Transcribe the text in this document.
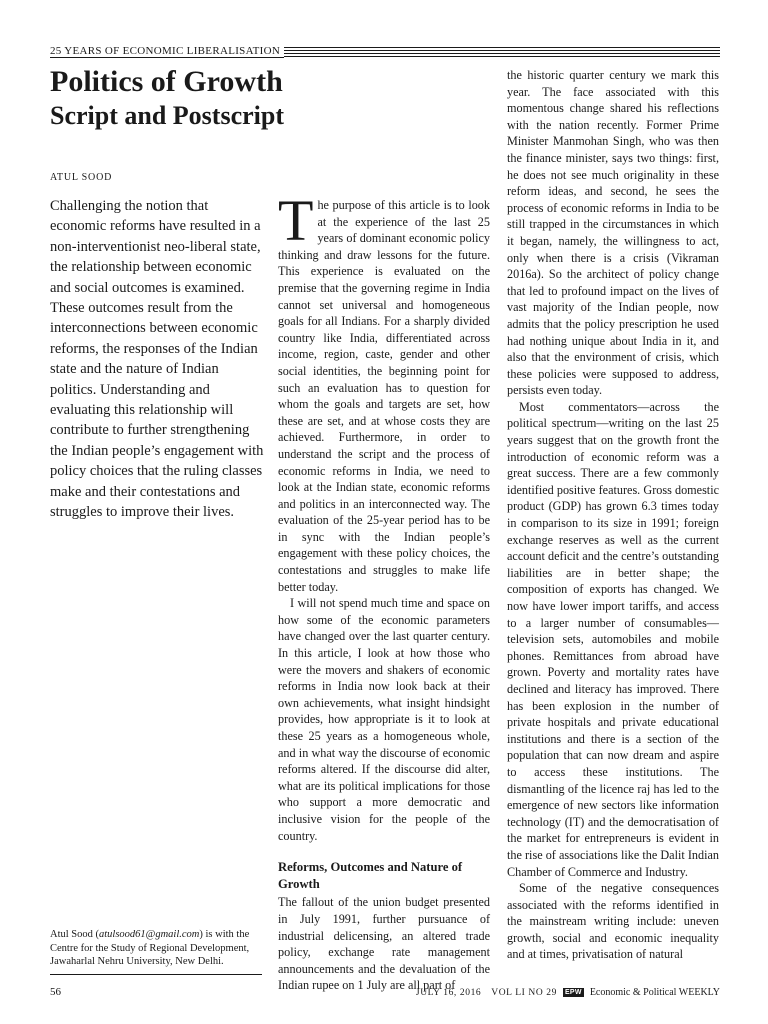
25 YEARS OF ECONOMIC LIBERALISATION
Politics of Growth
Script and Postscript
ATUL SOOD
Challenging the notion that economic reforms have resulted in a non-interventionist neo-liberal state, the relationship between economic and social outcomes is examined. These outcomes result from the interconnections between economic reforms, the responses of the Indian state and the nature of Indian politics. Understanding and evaluating this relationship will contribute to further strengthening the Indian people’s engagement with policy choices that the ruling classes make and their contestations and struggles to improve their lives.
Atul Sood (atulsood61@gmail.com) is with the Centre for the Study of Regional Development, Jawaharlal Nehru University, New Delhi.

The purpose of this article is to look at the experience of the last 25 years of dominant economic policy thinking and draw lessons for the future. This experience is evaluated on the premise that the governing regime in India cannot set universal and homogeneous goals for all Indians. For a sharply divided country like India, differentiated across income, region, caste, gender and other social identities, the beginning point for such an evaluation has to question for whom the goals and targets are set, how these are set, and at whose costs they are achieved. Furthermore, in order to understand the script and the process of economic reforms in India, we need to look at the Indian state, economic reforms and politics in an interconnected way. The evaluation of the 25-year period has to be in sync with the Indian people’s engagement with these policy choices, the contestations and struggles to make life better today.

I will not spend much time and space on how some of the economic parameters have changed over the last quarter century. In this article, I look at how those who were the movers and shakers of economic reforms in India now look back at their own achievements, what insight hindsight provides, how appropriate is it to look at these 25 years as a homogeneous whole, and in what way the discourse of economic reforms altered. If the discourse did alter, what are its political implications for those who support a more democratic and inclusive vision for the people of the country.

Reforms, Outcomes and Nature of Growth

The fallout of the union budget presented in July 1991, further pursuance of industrial delicensing, an altered trade policy, exchange rate management announcements and the devaluation of the Indian rupee on 1 July are all part of

the historic quarter century we mark this year. The face associated with this momentous change shared his reflections with the nation recently. Former Prime Minister Manmohan Singh, who was then the finance minister, says two things: first, he does not see much originality in these reform ideas, and second, he sees the process of economic reforms in India to be still trapped in the circumstances in which it began, namely, the willingness to act, only when there is a crisis (Vikraman 2016a). So the architect of policy change that led to profound impact on the lives of vast majority of the Indian people, now admits that the policy prescription he used had nothing unique about India in it, and also that the environment of crisis, which these policies were supposed to address, persists even today.

Most commentators—across the political spectrum—writing on the last 25 years suggest that on the growth front the introduction of economic reform was a great success. There are a few commonly identified positive features. Gross domestic product (GDP) has grown 6.3 times today in comparison to its size in 1991; foreign exchange reserves as well as the current account deficit and the centre’s outstanding liabilities are in better shape; the composition of exports has changed. We now have lower import tariffs, and access to a larger number of consumables—television sets, automobiles and mobile phones. Remittances from abroad have grown. Poverty and mortality rates have declined and literacy has improved. There has been explosion in the number of private hospitals and private educational institutions and there is a section of the population that can now dream and aspire to access these institutions. The dismantling of the licence raj has led to the emergence of new sectors like information technology (IT) and the democratisation of the market for entrepreneurs is evident in the rise of associations like the Dalit Indian Chamber of Commerce and Industry.

Some of the negative consequences associated with the reforms identified in the mainstream writing include: uneven growth, social and economic inequality and at times, privatisation of natural

56	JULY 16, 2016 VOL LI NO 29 EPW Economic & Political WEEKLY
